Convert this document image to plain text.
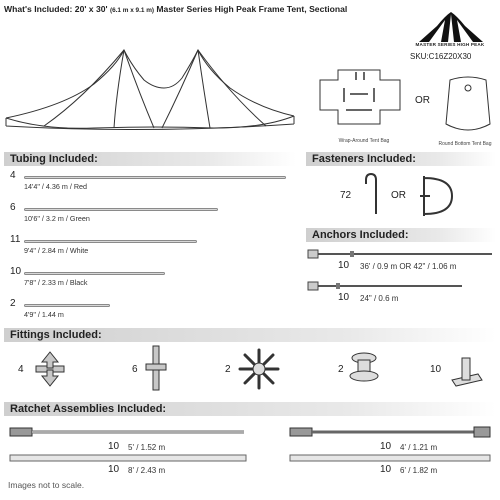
What's Included: 20' x 30' (6.1 m x 9.1 m) Master Series High Peak Frame Tent, Sectional
MASTER SERIES HIGH PEAK
SKU:C16Z20X30
Wrap-Around Tent Bag
OR
Round Bottom Tent Bag
Tubing Included:
4
14'4" / 4.36 m / Red
6
10'6" / 3.2 m / Green
11
9'4" / 2.84 m / White
10
7'8" / 2.33 m / Black
2
4'9" / 1.44 m
Fasteners Included:
72	OR
Anchors Included:
10 36' / 0.9 m OR 42" / 1.06 m
10 24" / 0.6 m
Fittings Included:
4	6	2	2	10
Ratchet Assemblies Included:
10 5' / 1.52 m	10 4' / 1.21 m
10 8' / 2.43 m	10 6' / 1.82 m
Images not to scale.
